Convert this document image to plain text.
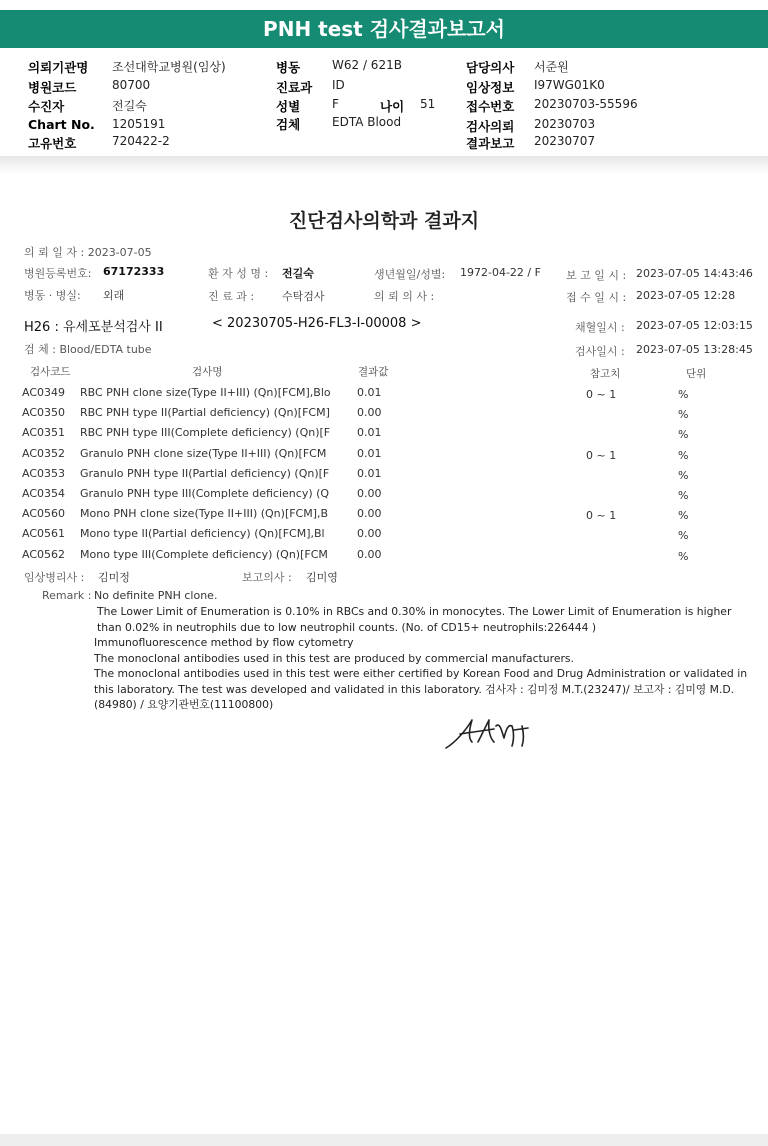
PNH test 검사결과보고서
의뢰기관명 조선대학교병원(임상)
병원코드	80700
수진자	전길숙
Chart No. 1205191
고유번호	720422-2
병동	W62 / 621B
진료과 ID
성별	F	나이 51
검체	EDTA Blood
담당의사 서준원
임상정보 I97WG01K0
접수번호 20230703-55596
검사의뢰 20230703
결과보고 20230707
진단검사의학과 결과지
의 뢰 일 자 : 2023-07-05
병원등록번호: 67172333	환 자 성 명 : 전길숙	생년월일/성별: 1972-04-22 / F 보 고 일 시 : 2023-07-05 14:43:46
병동 · 병실: 외래	진 료 과 :	수탁검사	의 뢰 의 사 :	접 수 일 시 : 2023-07-05 12:28
H26 : 유세포분석검사 II	< 20230705-H26-FL3-I-00008 >	채혈일시 : 2023-07-05 12:03:15
검 체 : Blood/EDTA tube	검사일시 : 2023-07-05 13:28:45
검사코드	검사명	결과값	참고치	단위
AC0349 RBC PNH clone size(Type II+III) (Qn)[FCM],Blo 0.01	0 ~ 1	%
AC0350 RBC PNH type II(Partial deficiency) (Qn)[FCM] 0.00	%
AC0351 RBC PNH type III(Complete deficiency) (Qn)[F 0.01	%
AC0352 Granulo PNH clone size(Type II+III) (Qn)[FCM	0.01	0 ~ 1	%
AC0353 Granulo PNH type II(Partial deficiency) (Qn)[F	0.01	%
AC0354 Granulo PNH type III(Complete deficiency) (Q	0.00	%
AC0560 Mono PNH clone size(Type II+III) (Qn)[FCM],B	0.00	0 ~ 1	%
AC0561 Mono type II(Partial deficiency) (Qn)[FCM],Bl	0.00	%
AC0562 Mono type III(Complete deficiency) (Qn)[FCM	0.00	%
임상병리사 : 김미정	보고의사 : 김미영
Remark : No definite PNH clone.

The Lower Limit of Enumeration is 0.10% in RBCs and 0.30% in monocytes. The Lower Limit of Enumeration is higher than 0.02% in neutrophils due to low neutrophil counts. (No. of CD15+ neutrophils:226444 )

Immunofluorescence method by flow cytometry

The monoclonal antibodies used in this test are produced by commercial manufacturers.

The monoclonal antibodies used in this test were either certified by Korean Food and Drug Administration or validated in this laboratory. The test was developed and validated in this laboratory. 검사자 : 김미정 M.T.(23247)/ 보고자 : 김미영 M.D.(84980) / 요양기관번호(11100800)
